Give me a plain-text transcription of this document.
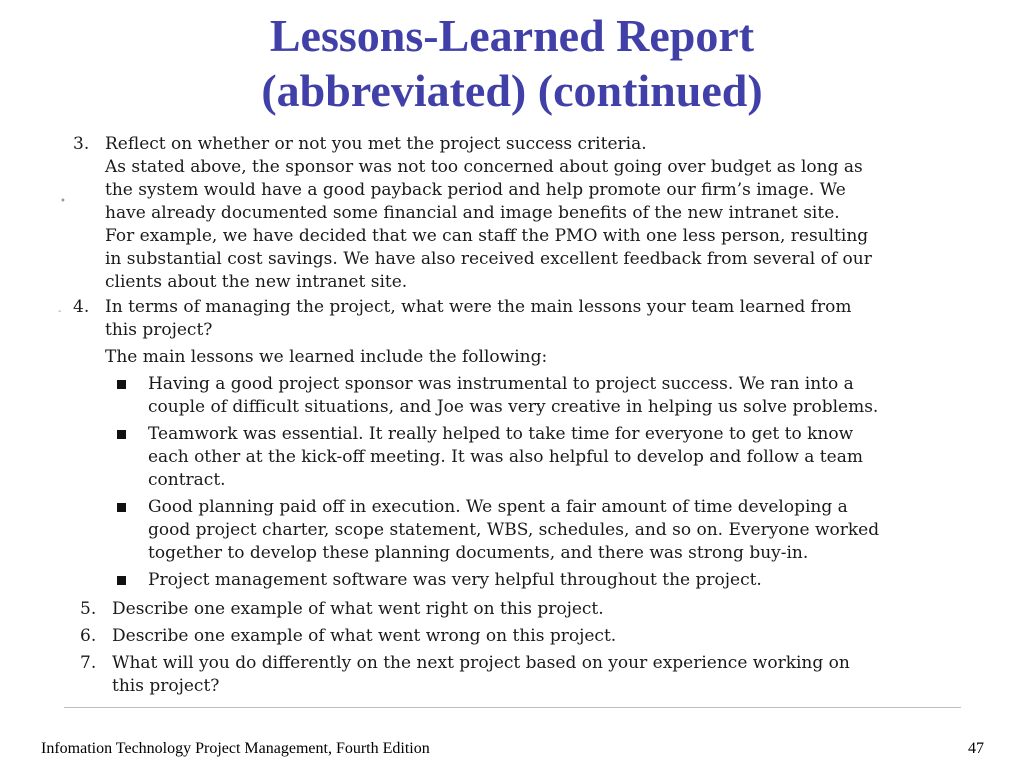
Lessons-Learned Report
(abbreviated) (continued)
•
-
3. Reflect on whether or not you met the project success criteria.
As stated above, the sponsor was not too concerned about going over budget as long as
the system would have a good payback period and help promote our firm’s image. We
have already documented some financial and image benefits of the new intranet site.
For example, we have decided that we can staff the PMO with one less person, resulting
in substantial cost savings. We have also received excellent feedback from several of our
clients about the new intranet site.
4. In terms of managing the project, what were the main lessons your team learned from
this project?
The main lessons we learned include the following:
Having a good project sponsor was instrumental to project success. We ran into a
couple of difficult situations, and Joe was very creative in helping us solve problems.
Teamwork was essential. It really helped to take time for everyone to get to know
each other at the kick-off meeting. It was also helpful to develop and follow a team
contract.
Good planning paid off in execution. We spent a fair amount of time developing a
good project charter, scope statement, WBS, schedules, and so on. Everyone worked
together to develop these planning documents, and there was strong buy-in.
Project management software was very helpful throughout the project.
5. Describe one example of what went right on this project.
6. Describe one example of what went wrong on this project.
7. What will you do differently on the next project based on your experience working on
this project?
Infomation Technology Project Management, Fourth Edition	47
